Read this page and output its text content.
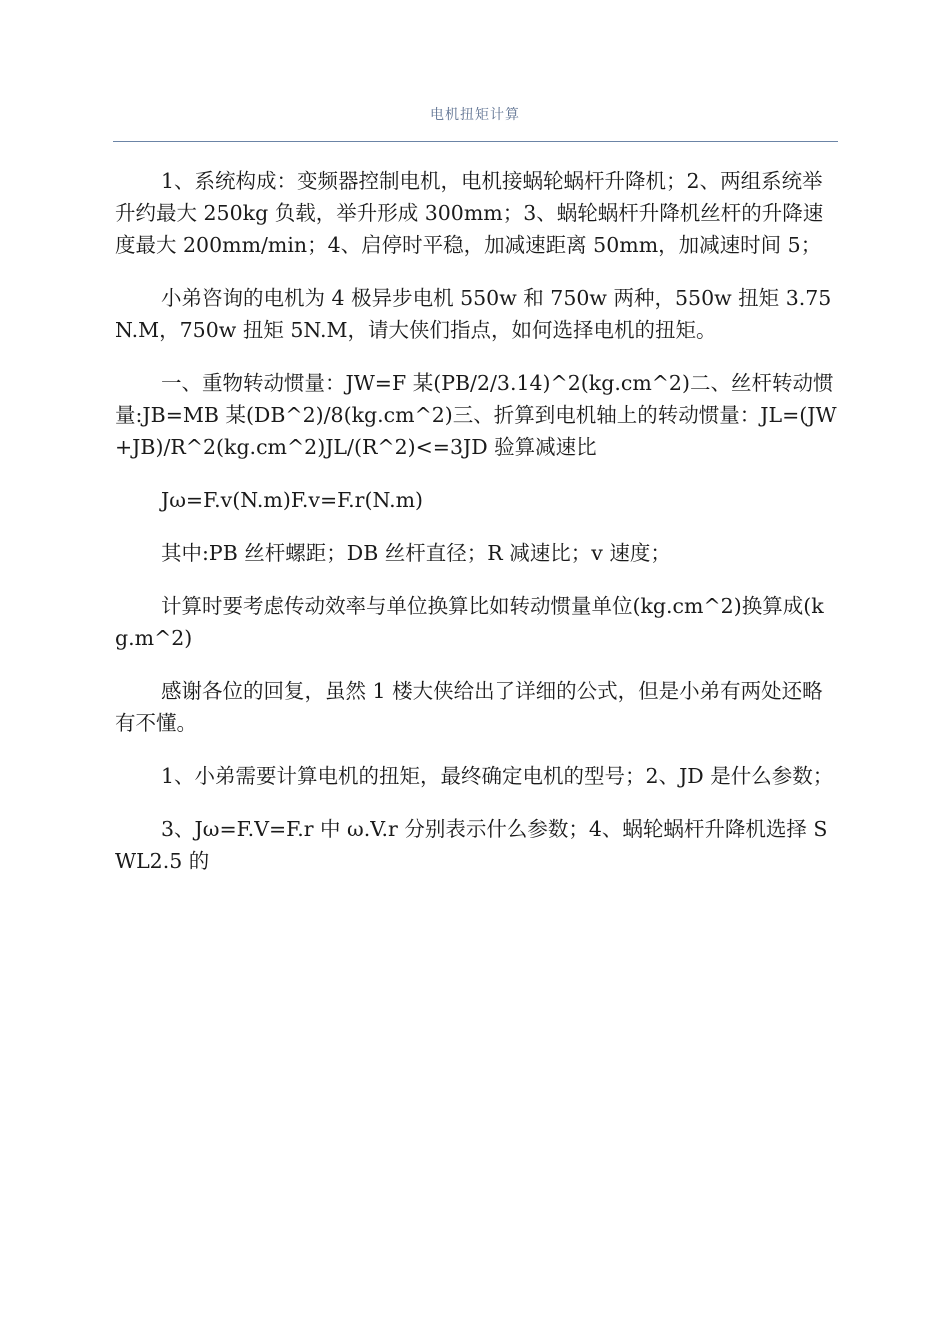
电机扭矩计算

1、系统构成：变频器控制电机，电机接蜗轮蜗杆升降机；2、两组系统举升约最大 250kg 负载，举升形成 300mm；3、蜗轮蜗杆升降机丝杆的升降速度最大 200mm/min；4、启停时平稳，加减速距离 50mm，加减速时间 5；

小弟咨询的电机为 4 极异步电机 550w 和 750w 两种，550w 扭矩 3.75N.M，750w 扭矩 5N.M，请大侠们指点，如何选择电机的扭矩。

一、重物转动惯量：JW=F 某(PB/2/3.14)^2(kg.cm^2)二、丝杆转动惯量:JB=MB 某(DB^2)/8(kg.cm^2)三、折算到电机轴上的转动惯量：JL=(JW+JB)/R^2(kg.cm^2)JL/(R^2)<=3JD 验算减速比

Jω=F.v(N.m)F.v=F.r(N.m)

其中:PB 丝杆螺距；DB 丝杆直径；R 减速比；v 速度；

计算时要考虑传动效率与单位换算比如转动惯量单位(kg.cm^2)换算成(kg.m^2)

感谢各位的回复，虽然 1 楼大侠给出了详细的公式，但是小弟有两处还略有不懂。

1、小弟需要计算电机的扭矩，最终确定电机的型号；2、JD 是什么参数；

3、Jω=F.V=F.r 中 ω.V.r 分别表示什么参数；4、蜗轮蜗杆升降机选择 SWL2.5 的
